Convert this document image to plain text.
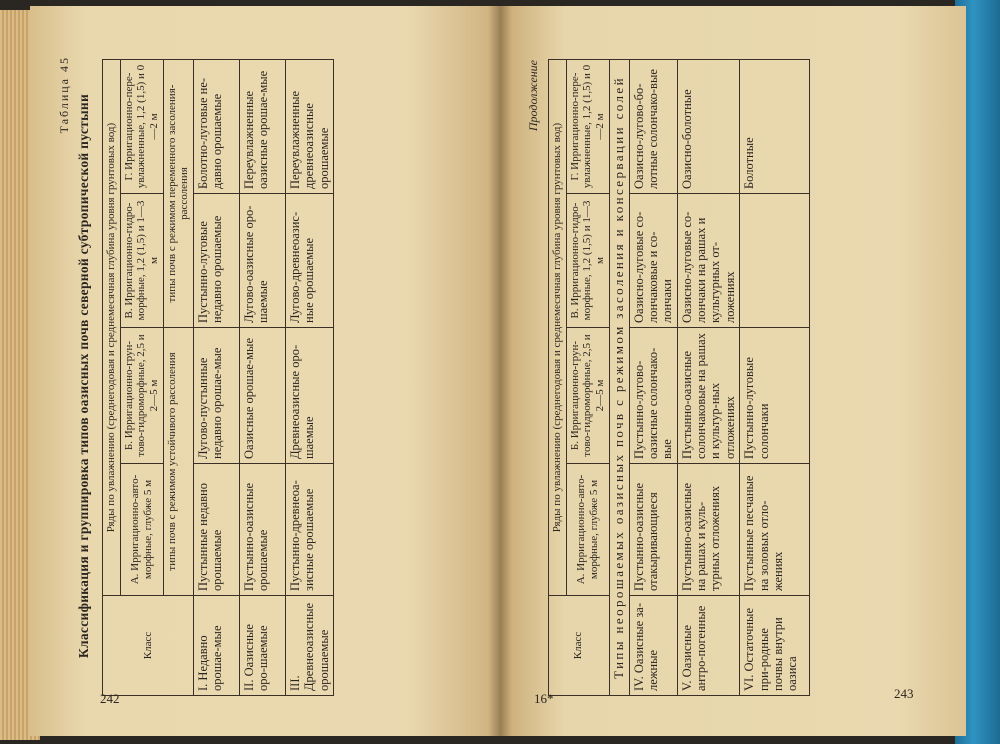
Таблица 45 Классификация и группировка типов оазисных почв северной субтропической пустыни	Класс	Ряды по увлажнению (среднегодовая и среднемесячная глубина уровня грунтовых вод)			
	А. Ирригационно-авто-морфные, глубже 5 м	Б. Ирригационно-грун-тово-гидроморфные, 2,5 и 2—5 м	В. Ирригационно-гидро-морфные, 1,2 (1,5) и 1—3 м	Г. Ирригационно-пере-увлажненные, 1,2 (1,5) и 0—2 м
	типы почв с режимом устойчивого рассоления		типы почв с режимом переменного засоления-рассоления	
I. Недавно орошае-мые	Пустынные недавно орошаемые	Лугово-пустынные недавно орошае-мые	Пустынно-луговые недавно орошаемые	Болотно-луговые не-давно орошаемые
II. Оазисные оро-шаемые	Пустынно-оазисные орошаемые	Оазисные орошае-мые	Лугово-оазисные оро-шаемые	Переувлажненные оазисные орошае-мые
III. Древнеоазисные орошаемые	Пустынно-древнеоа-зисные орошаемые	Древнеоазисные оро-шаемые	Лугово-древнеоазис-ные орошаемые	Переувлажненные древнеоазисные орошаемые
242
Продолжение
Класс	Ряды по увлажнению (среднегодовая и среднемесячная глубина уровня грунтовых вод)			
	А. Ирригационно-авто-морфные, глубже 5 м	Б. Ирригационно-грун-тово-гидроморфные, 2,5 и 2—5 м	В. Ирригационно-гидро-морфные, 1,2 (1,5) и 1—3 м	Г. Ирригационно-пере-увлажненные, 1,2 (1,5) и 0—2 м
Типы неорошаемых оазисных почв с режимом засоления и консервации солей				
IV. Оазисные за-лежные	Пустынно-оазисные отакыривающиеся	Пустынно-лугово-оазисные солончако-вые	Оазисно-луговые со-лончаковые и со-лончаки	Оазисно-лугово-бо-лотные солончако-вые
V. Оазисные антро-погенные	Пустынно-оазисные на рашах и куль-турных отложениях	Пустынно-оазисные солончаковые на рашах и культур-ных отложениях	Оазисно-луговые со-лончаки на рашах и культурных от-ложениях	Оазисно-болотные
VI. Остаточные при-родные почвы внутри оазиса	Пустынные песчаные на золовых отло-жениях	Пустынно-луговые солончаки		Болотные
16*	243
